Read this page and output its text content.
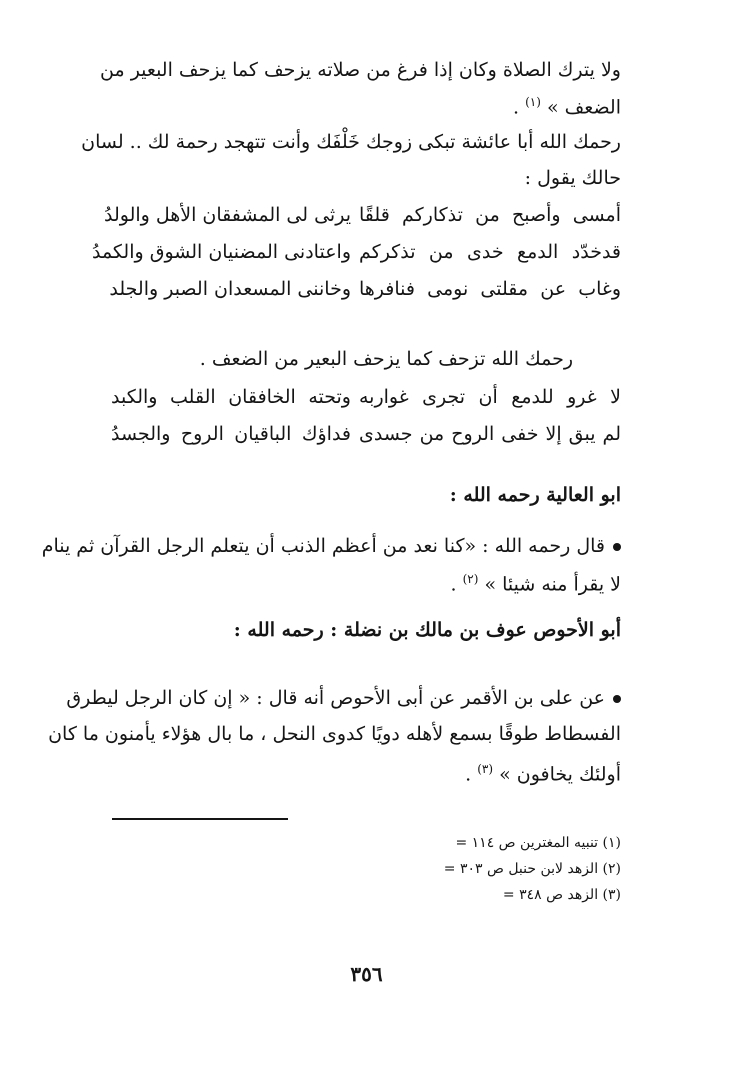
ولا يترك الصلاة وكان إذا فرغ من صلاته يزحف كما يزحف البعير من
الضعف » $^{(١)}$ .
رحمك الله أبا عائشة تبكى زوجك خَلْفَك وأنت تتهجد رحمة لك .. لسان
حالك يقول :
أمسى وأصبح من تذكاركم قلقًا
يرثى لى المشفقان الأهل والولدُ
قدخدّد الدمع خدى من تذكركم
واعتادنى المضنيان الشوق والكمدُ
وغاب عن مقلتى نومى فنافرها
وخاننى المسعدان الصبر والجلد
رحمك الله تزحف كما يزحف البعير من الضعف .
لا غرو للدمع أن تجرى غواربه
وتحته الخافقان القلب والكبد
لم يبق إلا خفى الروح من جسدى
فداؤك الباقيان الروح والجسدُ
ابو العالية رحمه الله :
قال رحمه الله : «كنا نعد من أعظم الذنب أن يتعلم الرجل القرآن ثم ينام
لا يقرأ منه شيئا » $^{(٢)}$ .
أبو الأحوص عوف بن مالك بن نضلة : رحمه الله :
عن على بن الأقمر عن أبى الأحوص أنه قال : « إن كان الرجل ليطرق
الفسطاط طوقًا بسمع لأهله دويًا كدوى النحل ، ما بال هؤلاء يأمنون ما كان
أولئك يخافون » $^{(٣)}$ .
(١) تنبيه المغترين ص ١١٤ =
(٢) الزهد لابن حنبل ص ٣٠٣ =
(٣) الزهد ص ٣٤٨ =
٣٥٦
